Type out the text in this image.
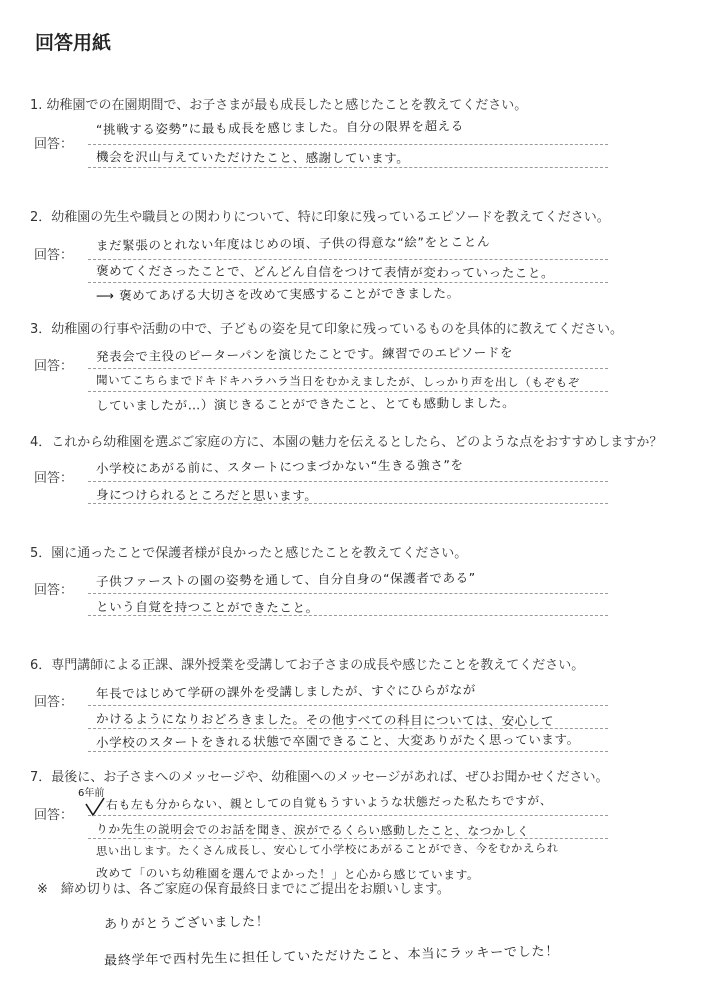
回答用紙
1. 幼稚園での在園期間で、お子さまが最も成長したと感じたことを教えてください。
回答：
“挑戦する姿勢”に最も成長を感じました。自分の限界を超える
機会を沢山与えていただけたこと、感謝しています。
2．幼稚園の先生や職員との関わりについて、特に印象に残っているエピソードを教えてください。
回答：
まだ緊張のとれない年度はじめの頃、子供の得意な“絵”をとことん
褒めてくださったことで、どんどん自信をつけて表情が変わっていったこと。
⟶ 褒めてあげる大切さを改めて実感することができました。
3．幼稚園の行事や活動の中で、子どもの姿を見て印象に残っているものを具体的に教えてください。
回答：
発表会で主役のピーターパンを演じたことです。練習でのエピソードを
聞いてこちらまでドキドキハラハラ当日をむかえましたが、しっかり声を出し（もぞもぞ
していましたが…）演じきることができたこと、とても感動しました。
4．これから幼稚園を選ぶご家庭の方に、本園の魅力を伝えるとしたら、どのような点をおすすめしますか？
回答：
小学校にあがる前に、スタートにつまづかない“生きる強さ”を
身につけられるところだと思います。
5．園に通ったことで保護者様が良かったと感じたことを教えてください。
回答：
子供ファーストの園の姿勢を通して、自分自身の“保護者である”
という自覚を持つことができたこと。
6．専門講師による正課、課外授業を受講してお子さまの成長や感じたことを教えてください。
回答：
年長ではじめて学研の課外を受講しましたが、すぐにひらがなが
かけるようになりおどろきました。その他すべての科目については、安心して
小学校のスタートをきれる状態で卒園できること、大変ありがたく思っています。
7．最後に、お子さまへのメッセージや、幼稚園へのメッセージがあれば、ぜひお聞かせください。
回答：
6年前 右も左も分からない、親としての自覚もうすいような状態だった私たちですが、
りか先生の説明会でのお話を聞き、涙がでるくらい感動したこと、なつかしく
思い出します。たくさん成長し、安心して小学校にあがることができ、今をむかえられ
改めて「のいち幼稚園を選んでよかった！」と心から感じています。
※　締め切りは、各ご家庭の保育最終日までにご提出をお願いします。
ありがとうございました！
最終学年で西村先生に担任していただけたこと、本当にラッキーでした！
